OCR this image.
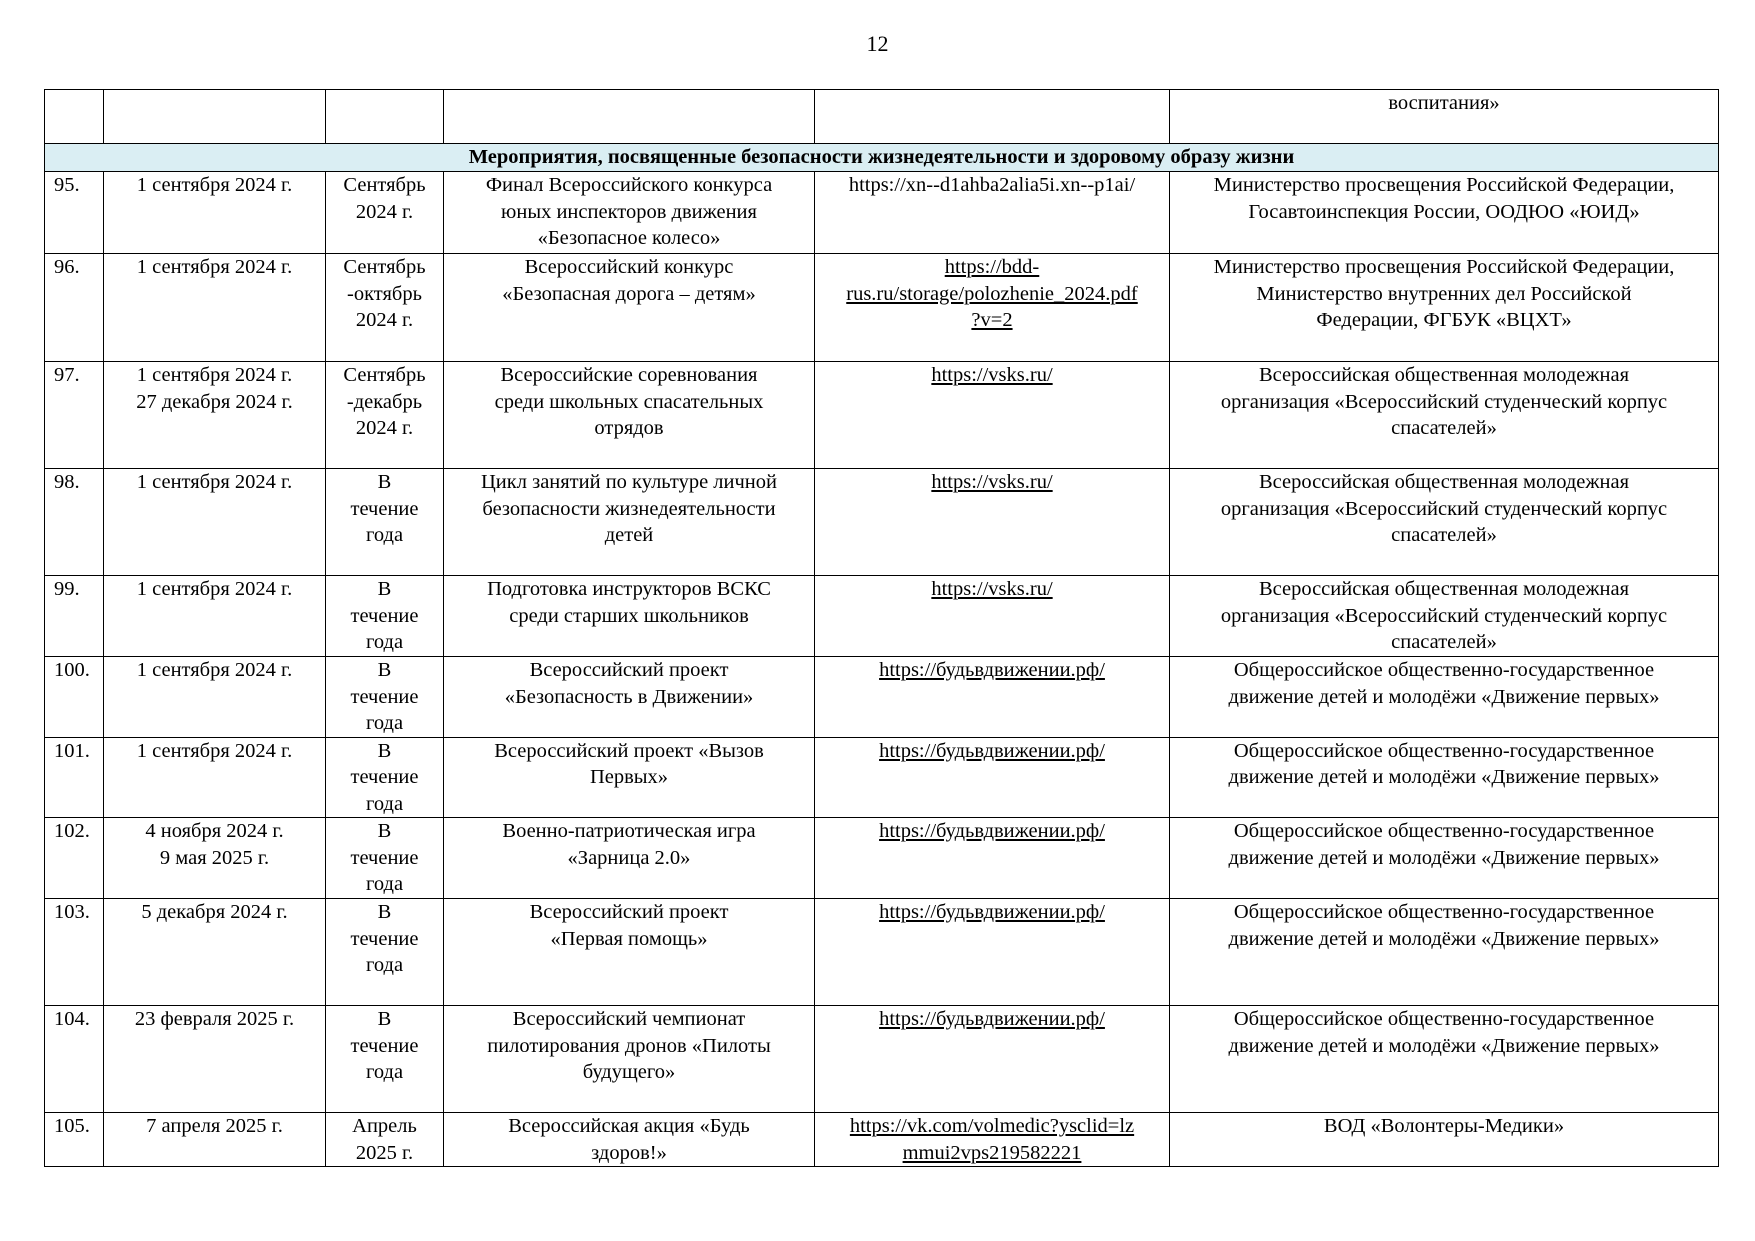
12
					воспитания»
Мероприятия, посвященные безопасности жизнедеятельности и здоровому образу жизни					
95.	1 сентября 2024 г.	Сентябрь
2024 г.	Финал Всероссийского конкурса
юных инспекторов движения
«Безопасное колесо»	https://xn--d1ahba2alia5i.xn--p1ai/	Министерство просвещения Российской Федерации,
Госавтоинспекция России, ООДЮО «ЮИД»

96.	1 сентября 2024 г.	Сентябрь
-октябрь
2024 г.	Всероссийский конкурс
«Безопасная дорога – детям»	https://bdd-
rus.ru/storage/polozhenie_2024.pdf
?v=2	Министерство просвещения Российской Федерации,
Министерство внутренних дел Российской
Федерации, ФГБУК «ВЦХТ»

97.	1 сентября 2024 г.
27 декабря 2024 г.	Сентябрь
-декабрь
2024 г.	Всероссийские соревнования
среди школьных спасательных
отрядов	https://vsks.ru/	Всероссийская общественная молодежная
организация «Всероссийский студенческий корпус
спасателей»

98.	1 сентября 2024 г.	В
течение
года	Цикл занятий по культуре личной
безопасности жизнедеятельности
детей	https://vsks.ru/	Всероссийская общественная молодежная
организация «Всероссийский студенческий корпус
спасателей»

99.	1 сентября 2024 г.	В
течение
года	Подготовка инструкторов ВСКС
среди старших школьников	https://vsks.ru/	Всероссийская общественная молодежная
организация «Всероссийский студенческий корпус
спасателей»

100.	1 сентября 2024 г.	В
течение
года	Всероссийский проект
«Безопасность в Движении»	https://будьвдвижении.рф/	Общероссийское общественно-государственное
движение детей и молодёжи «Движение первых»

101.	1 сентября 2024 г.	В
течение
года	Всероссийский проект «Вызов
Первых»	https://будьвдвижении.рф/	Общероссийское общественно-государственное
движение детей и молодёжи «Движение первых»

102.	4 ноября 2024 г.
9 мая 2025 г.	В
течение
года	Военно-патриотическая игра
«Зарница 2.0»	https://будьвдвижении.рф/	Общероссийское общественно-государственное
движение детей и молодёжи «Движение первых»

103.	5 декабря 2024 г.	В
течение
года	Всероссийский проект
«Первая помощь»	https://будьвдвижении.рф/	Общероссийское общественно-государственное
движение детей и молодёжи «Движение первых»

104.	23 февраля 2025 г.	В
течение
года	Всероссийский чемпионат
пилотирования дронов «Пилоты
будущего»	https://будьвдвижении.рф/	Общероссийское общественно-государственное
движение детей и молодёжи «Движение первых»

105.	7 апреля 2025 г.	Апрель
2025 г.	Всероссийская акция «Будь
здоров!»	https://vk.com/volmedic?ysclid=lz
mmui2vps219582221	ВОД «Волонтеры-Медики»
